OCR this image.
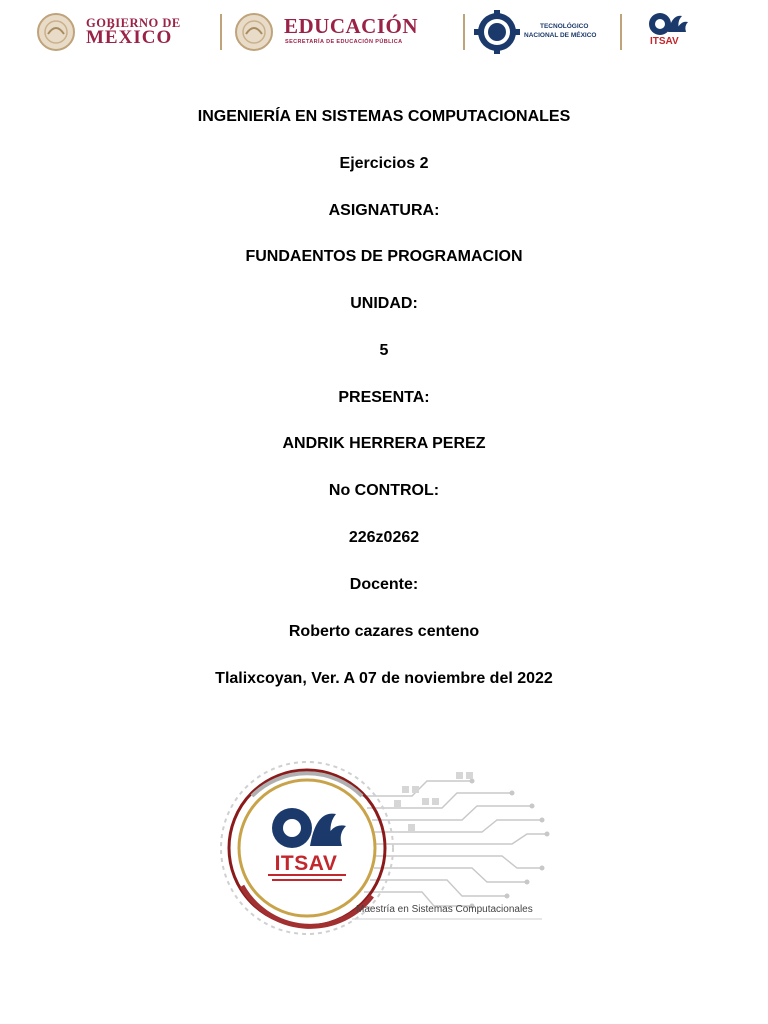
GOBIERNO DE
MÉXICO	EDUCACIÓN
SECRETARÍA DE EDUCACIÓN PÚBLICA
TECNOLÓGICO
NACIONAL DE MÉXICO
ITSAV
INGENIERÍA EN SISTEMAS COMPUTACIONALES
Ejercicios 2
ASIGNATURA:
FUNDAENTOS DE PROGRAMACION
UNIDAD:
5
PRESENTA:
ANDRIK HERRERA PEREZ
No CONTROL:
226z0262
Docente:
Roberto cazares centeno
Tlalixcoyan, Ver. A 07 de noviembre del 2022
ITSAV
Maestría en Sistemas Computacionales
